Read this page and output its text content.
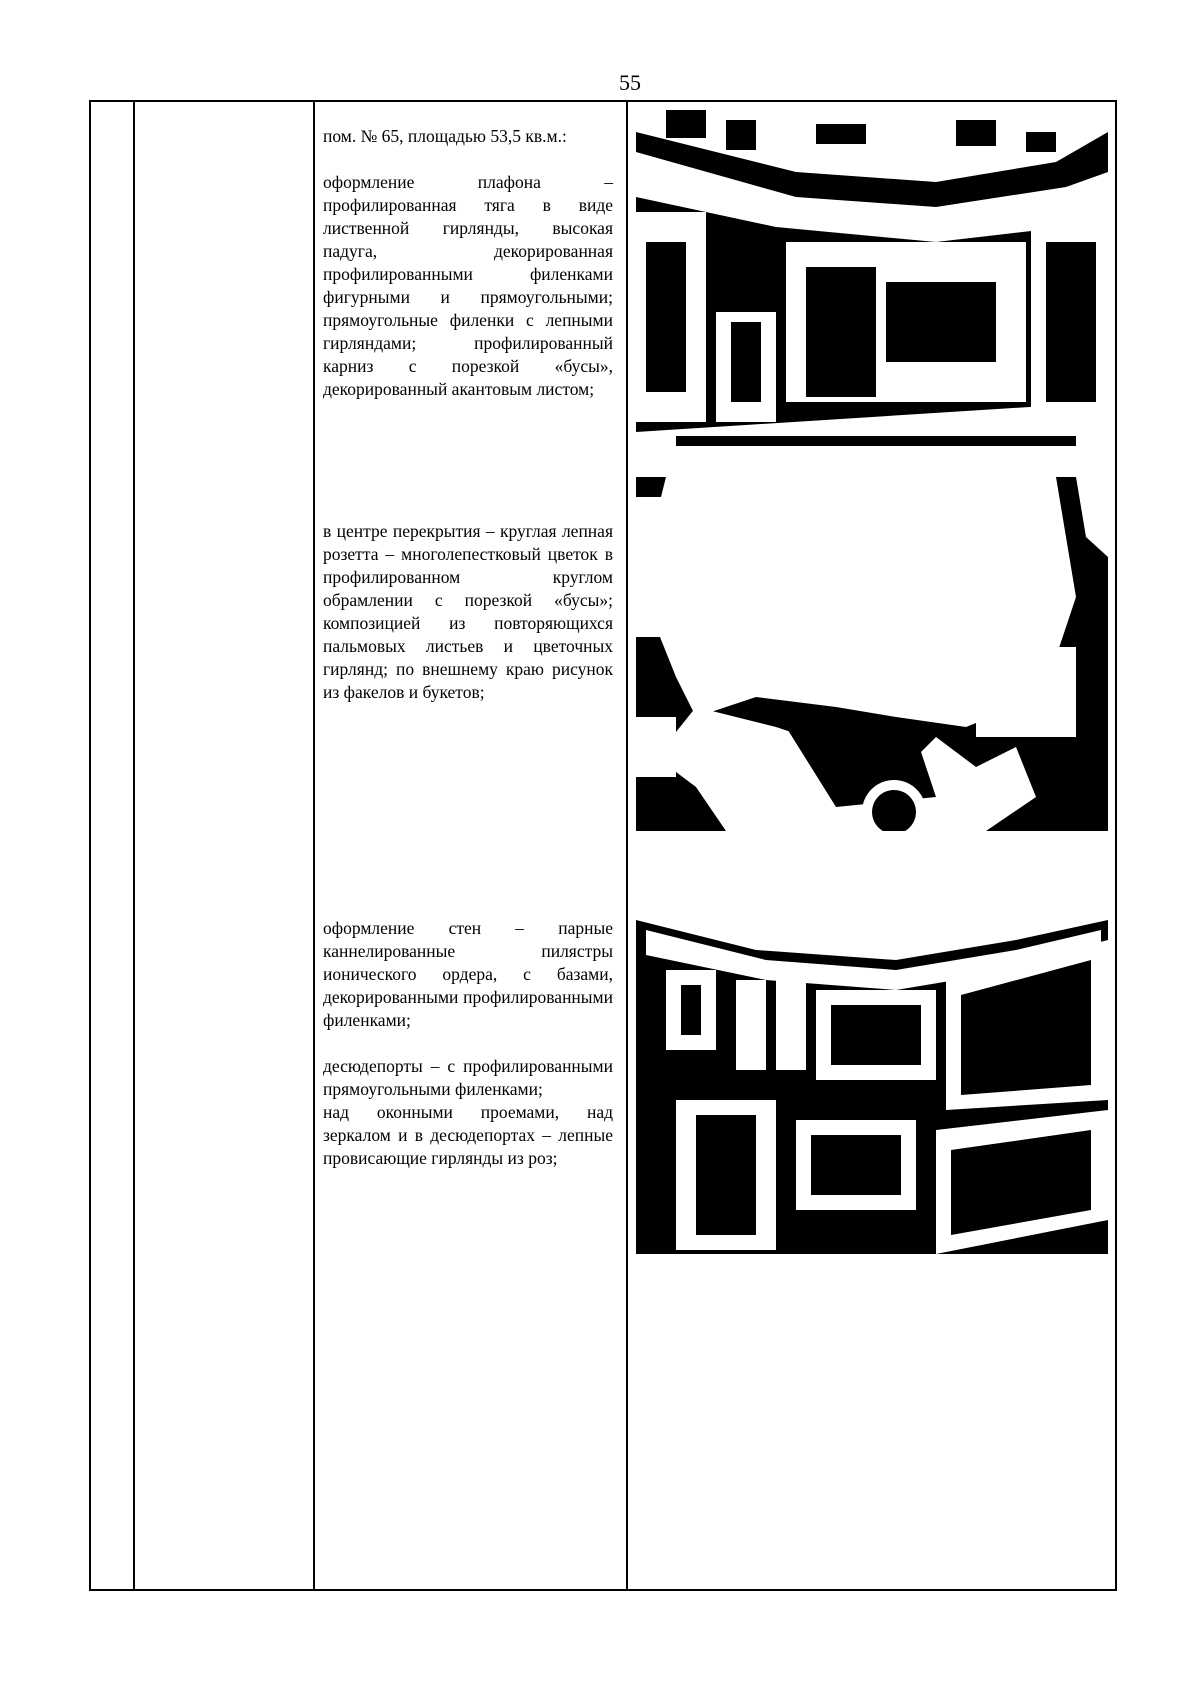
55

пом. № 65, площадью 53,5 кв.м.:

оформление плафона – профилированная тяга в виде лиственной гирлянды, высокая падуга, декорированная профилированными филенками фигурными и прямоугольными; прямоугольные филенки с лепными гирляндами; профилированный карниз с порезкой «бусы», декорированный акантовым листом;

в центре перекрытия – круглая лепная розетта – многолепестковый цветок в профилированном круглом обрамлении с порезкой «бусы»; композицией из повторяющихся пальмовых листьев и цветочных гирлянд; по внешнему краю рисунок из факелов и букетов;

оформление стен – парные каннелированные пилястры ионического ордера, с базами, декорированными профилированными филенками;

десюдепорты – с профилированными прямоугольными филенками;

над оконными проемами, над зеркалом и в десюдепортах – лепные провисающие гирлянды из роз;
